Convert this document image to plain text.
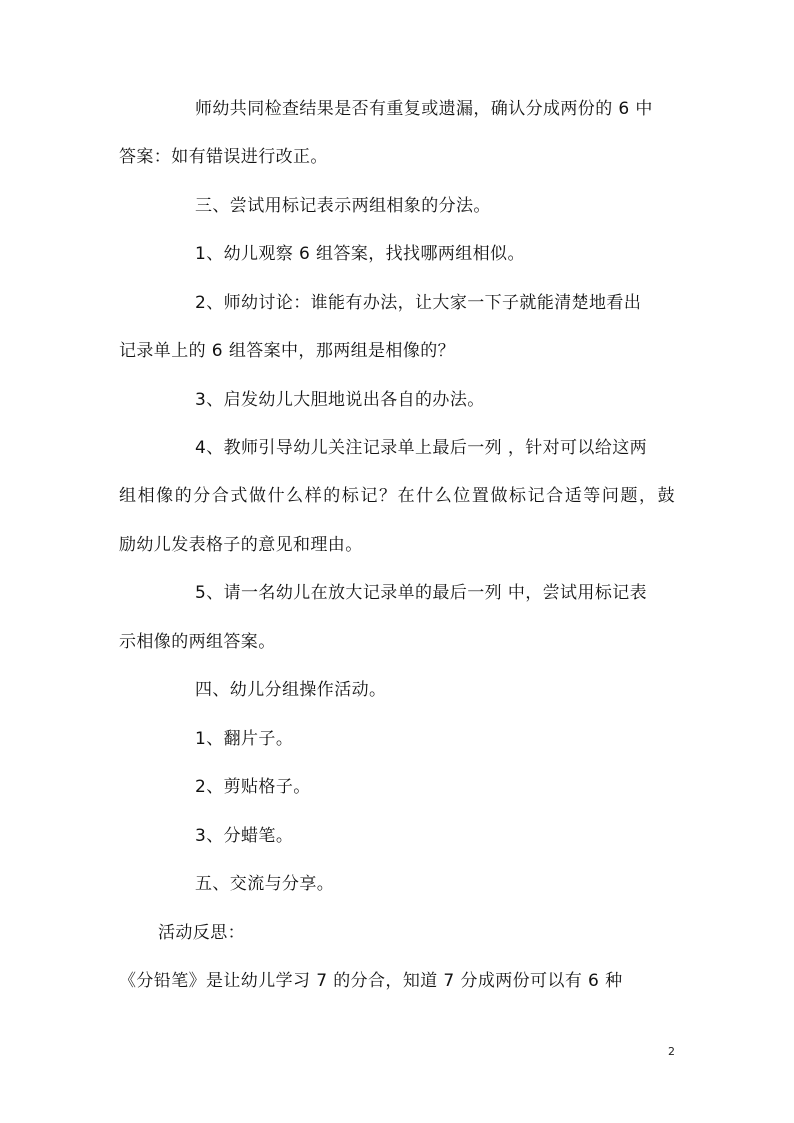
师幼共同检查结果是否有重复或遗漏，确认分成两份的 6 中
答案：如有错误进行改正。
三、尝试用标记表示两组相象的分法。
1、幼儿观察 6 组答案，找找哪两组相似。
2、师幼讨论：谁能有办法，让大家一下子就能清楚地看出
记录单上的 6 组答案中，那两组是相像的？
3、启发幼儿大胆地说出各自的办法。
4、教师引导幼儿关注记录单上最后一列 ，针对可以给这两
组相像的分合式做什么样的标记？在什么位置做标记合适等问题，鼓
励幼儿发表格子的意见和理由。
5、请一名幼儿在放大记录单的最后一列 中，尝试用标记表
示相像的两组答案。
四、幼儿分组操作活动。
1、翻片子。
2、剪贴格子。
3、分蜡笔。
五、交流与分享。
活动反思：
《分铅笔》是让幼儿学习 7 的分合，知道 7 分成两份可以有 6 种
2
